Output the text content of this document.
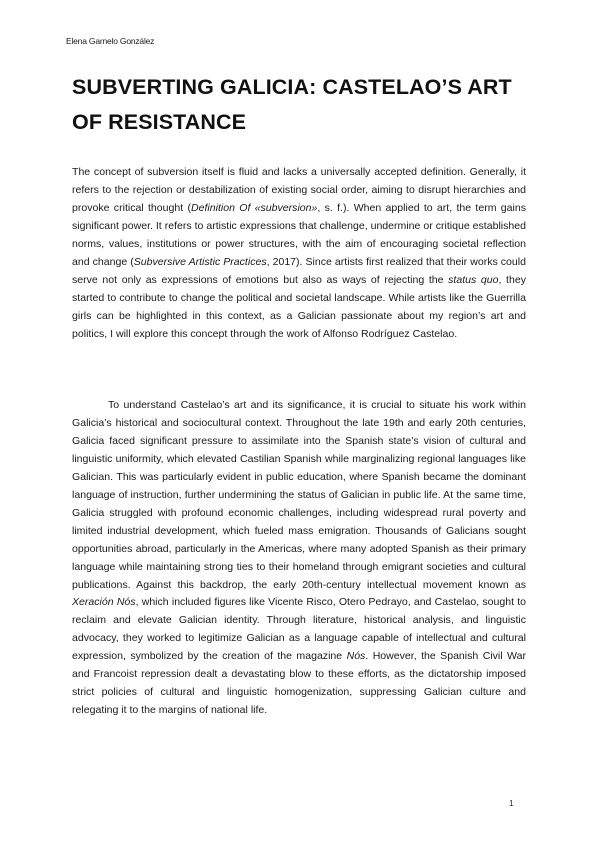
Elena Garnelo González
SUBVERTING GALICIA: CASTELAO’S ART OF RESISTANCE

The concept of subversion itself is fluid and lacks a universally accepted definition. Generally, it refers to the rejection or destabilization of existing social order, aiming to disrupt hierarchies and provoke critical thought (Definition Of «subversion», s. f.). When applied to art, the term gains significant power. It refers to artistic expressions that challenge, undermine or critique established norms, values, institutions or power structures, with the aim of encouraging societal reflection and change (Subversive Artistic Practices, 2017). Since artists first realized that their works could serve not only as expressions of emotions but also as ways of rejecting the status quo, they started to contribute to change the political and societal landscape. While artists like the Guerrilla girls can be highlighted in this context, as a Galician passionate about my region’s art and politics, I will explore this concept through the work of Alfonso Rodríguez Castelao.

To understand Castelao’s art and its significance, it is crucial to situate his work within Galicia’s historical and sociocultural context. Throughout the late 19th and early 20th centuries, Galicia faced significant pressure to assimilate into the Spanish state’s vision of cultural and linguistic uniformity, which elevated Castilian Spanish while marginalizing regional languages like Galician. This was particularly evident in public education, where Spanish became the dominant language of instruction, further undermining the status of Galician in public life. At the same time, Galicia struggled with profound economic challenges, including widespread rural poverty and limited industrial development, which fueled mass emigration. Thousands of Galicians sought opportunities abroad, particularly in the Americas, where many adopted Spanish as their primary language while maintaining strong ties to their homeland through emigrant societies and cultural publications. Against this backdrop, the early 20th-century intellectual movement known as Xeración Nós, which included figures like Vicente Risco, Otero Pedrayo, and Castelao, sought to reclaim and elevate Galician identity. Through literature, historical analysis, and linguistic advocacy, they worked to legitimize Galician as a language capable of intellectual and cultural expression, symbolized by the creation of the magazine Nós. However, the Spanish Civil War and Francoist repression dealt a devastating blow to these efforts, as the dictatorship imposed strict policies of cultural and linguistic homogenization, suppressing Galician culture and relegating it to the margins of national life.

1
